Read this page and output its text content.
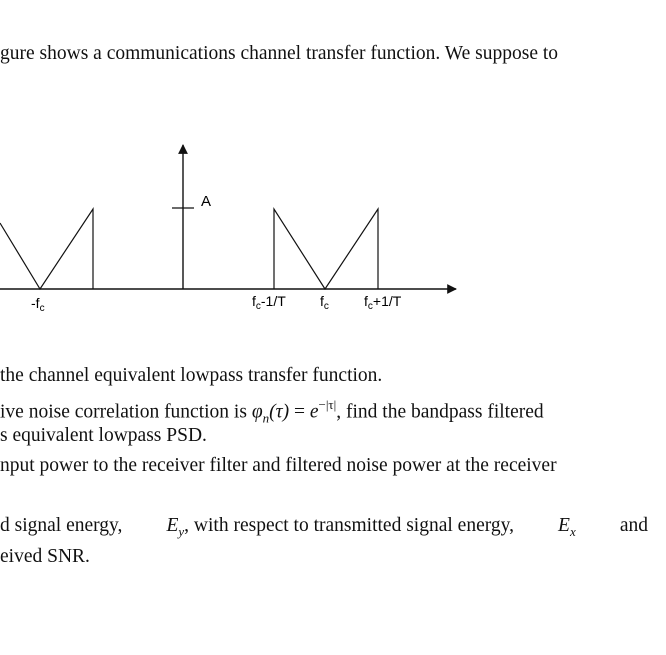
gure shows a communications channel transfer function. We suppose to
A
$-f_c$	$f_c-1/T$ $f_c$	$f_c+1/T$
the channel equivalent lowpass transfer function.
ive noise correlation function is $\varphi_n(\tau) = e^{-|\tau|}$, find the bandpass filtered
s equivalent lowpass PSD.
nput power to the receiver filter and filtered noise power at the receiver
d signal energy, $E_y$, with respect to transmitted signal energy, $E_x$ and
eived SNR.
